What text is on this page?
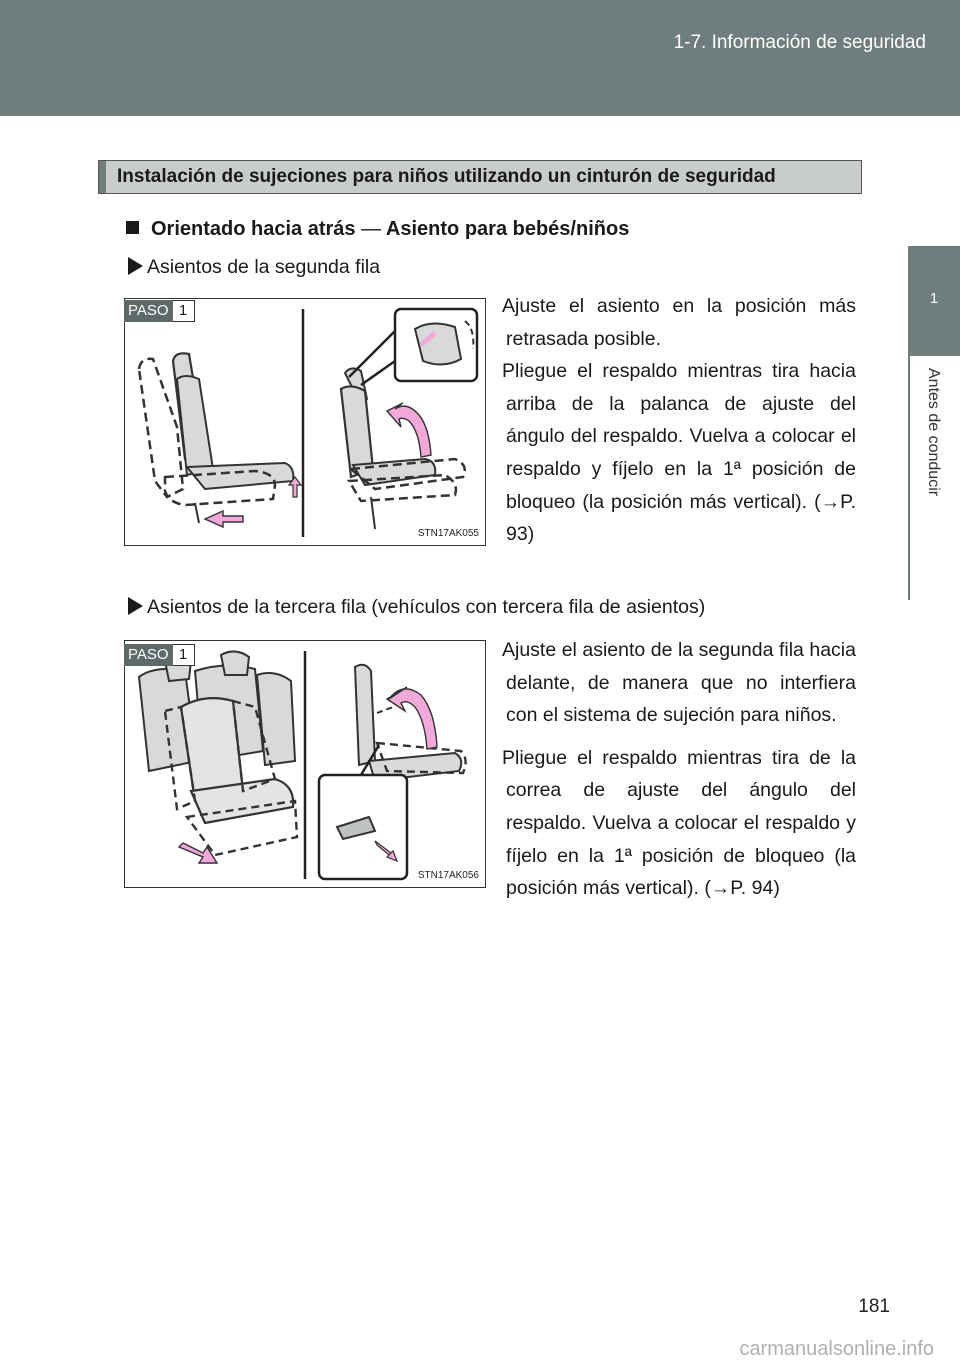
1-7. Información de seguridad
1
Antes de conducir
Instalación de sujeciones para niños utilizando un cinturón de seguridad
Orientado hacia atrás — Asiento para bebés/niños
Asientos de la segunda fila
STN17AK055
PASO 1	Ajuste el asiento en la posición más retrasada posible.

Pliegue el respaldo mientras tira hacia arriba de la palanca de ajuste del ángulo del respaldo. Vuelva a colocar el respaldo y fíjelo en la 1ª posición de bloqueo (la posición más vertical). (→P. 93)

Asientos de la tercera fila (vehículos con tercera fila de asientos)
STN17AK056
PASO 1	Ajuste el asiento de la segunda fila hacia delante, de manera que no interfiera con el sistema de sujeción para niños.

Pliegue el respaldo mientras tira de la correa de ajuste del ángulo del respaldo. Vuelva a colocar el respaldo y fíjelo en la 1ª posición de bloqueo (la posición más vertical). (→P. 94)

181
carmanualsonline.info
